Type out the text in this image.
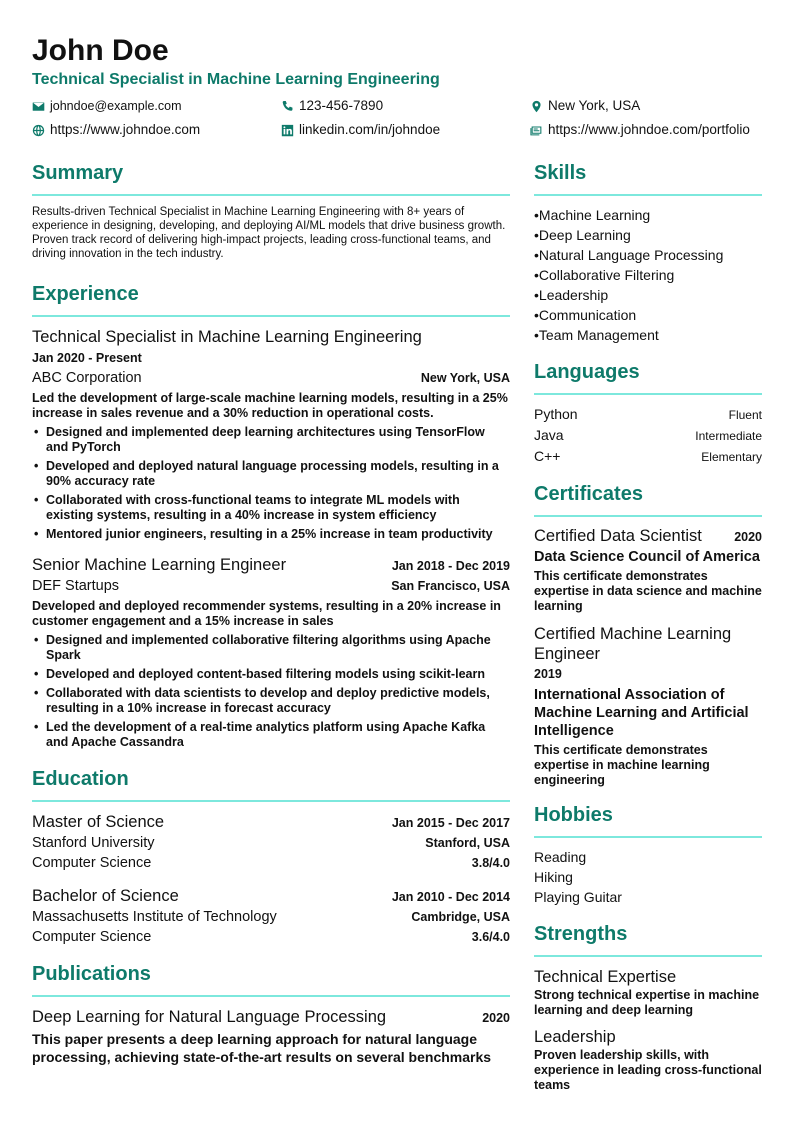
John Doe
Technical Specialist in Machine Learning Engineering
johndoe@example.com	123-456-7890	New York, USA
https://www.johndoe.com	linkedin.com/in/johndoe	https://www.johndoe.com/portfolio
Summary
Results-driven Technical Specialist in Machine Learning Engineering with 8+ years of experience in designing, developing, and deploying AI/ML models that drive business growth. Proven track record of delivering high-impact projects, leading cross-functional teams, and driving innovation in the tech industry.
Experience
Technical Specialist in Machine Learning Engineering
Jan 2020 - Present
ABC Corporation	New York, USA
Led the development of large-scale machine learning models, resulting in a 25% increase in sales revenue and a 30% reduction in operational costs.
• Designed and implemented deep learning architectures using TensorFlow and PyTorch
• Developed and deployed natural language processing models, resulting in a 90% accuracy rate
• Collaborated with cross-functional teams to integrate ML models with existing systems, resulting in a 40% increase in system efficiency
• Mentored junior engineers, resulting in a 25% increase in team productivity
Senior Machine Learning Engineer	Jan 2018 - Dec 2019
DEF Startups	San Francisco, USA
Developed and deployed recommender systems, resulting in a 20% increase in customer engagement and a 15% increase in sales
• Designed and implemented collaborative filtering algorithms using Apache Spark
• Developed and deployed content-based filtering models using scikit-learn
• Collaborated with data scientists to develop and deploy predictive models, resulting in a 10% increase in forecast accuracy
• Led the development of a real-time analytics platform using Apache Kafka and Apache Cassandra
Education
Master of Science	Jan 2015 - Dec 2017
Stanford University	Stanford, USA
Computer Science	3.8/4.0
Bachelor of Science	Jan 2010 - Dec 2014
Massachusetts Institute of Technology	Cambridge, USA
Computer Science	3.6/4.0
Publications
Deep Learning for Natural Language Processing	2020
This paper presents a deep learning approach for natural language processing, achieving state-of-the-art results on several benchmarks
Skills
• Machine Learning
• Deep Learning
• Natural Language Processing
• Collaborative Filtering
• Leadership
• Communication
• Team Management
Languages
Python	Fluent
Java	Intermediate
C++	Elementary
Certificates
Certified Data Scientist	2020
Data Science Council of America
This certificate demonstrates expertise in data science and machine learning
Certified Machine Learning Engineer
2019
International Association of Machine Learning and Artificial Intelligence
This certificate demonstrates expertise in machine learning engineering
Hobbies
Reading
Hiking
Playing Guitar
Strengths
Technical Expertise
Strong technical expertise in machine learning and deep learning
Leadership
Proven leadership skills, with experience in leading cross-functional teams
